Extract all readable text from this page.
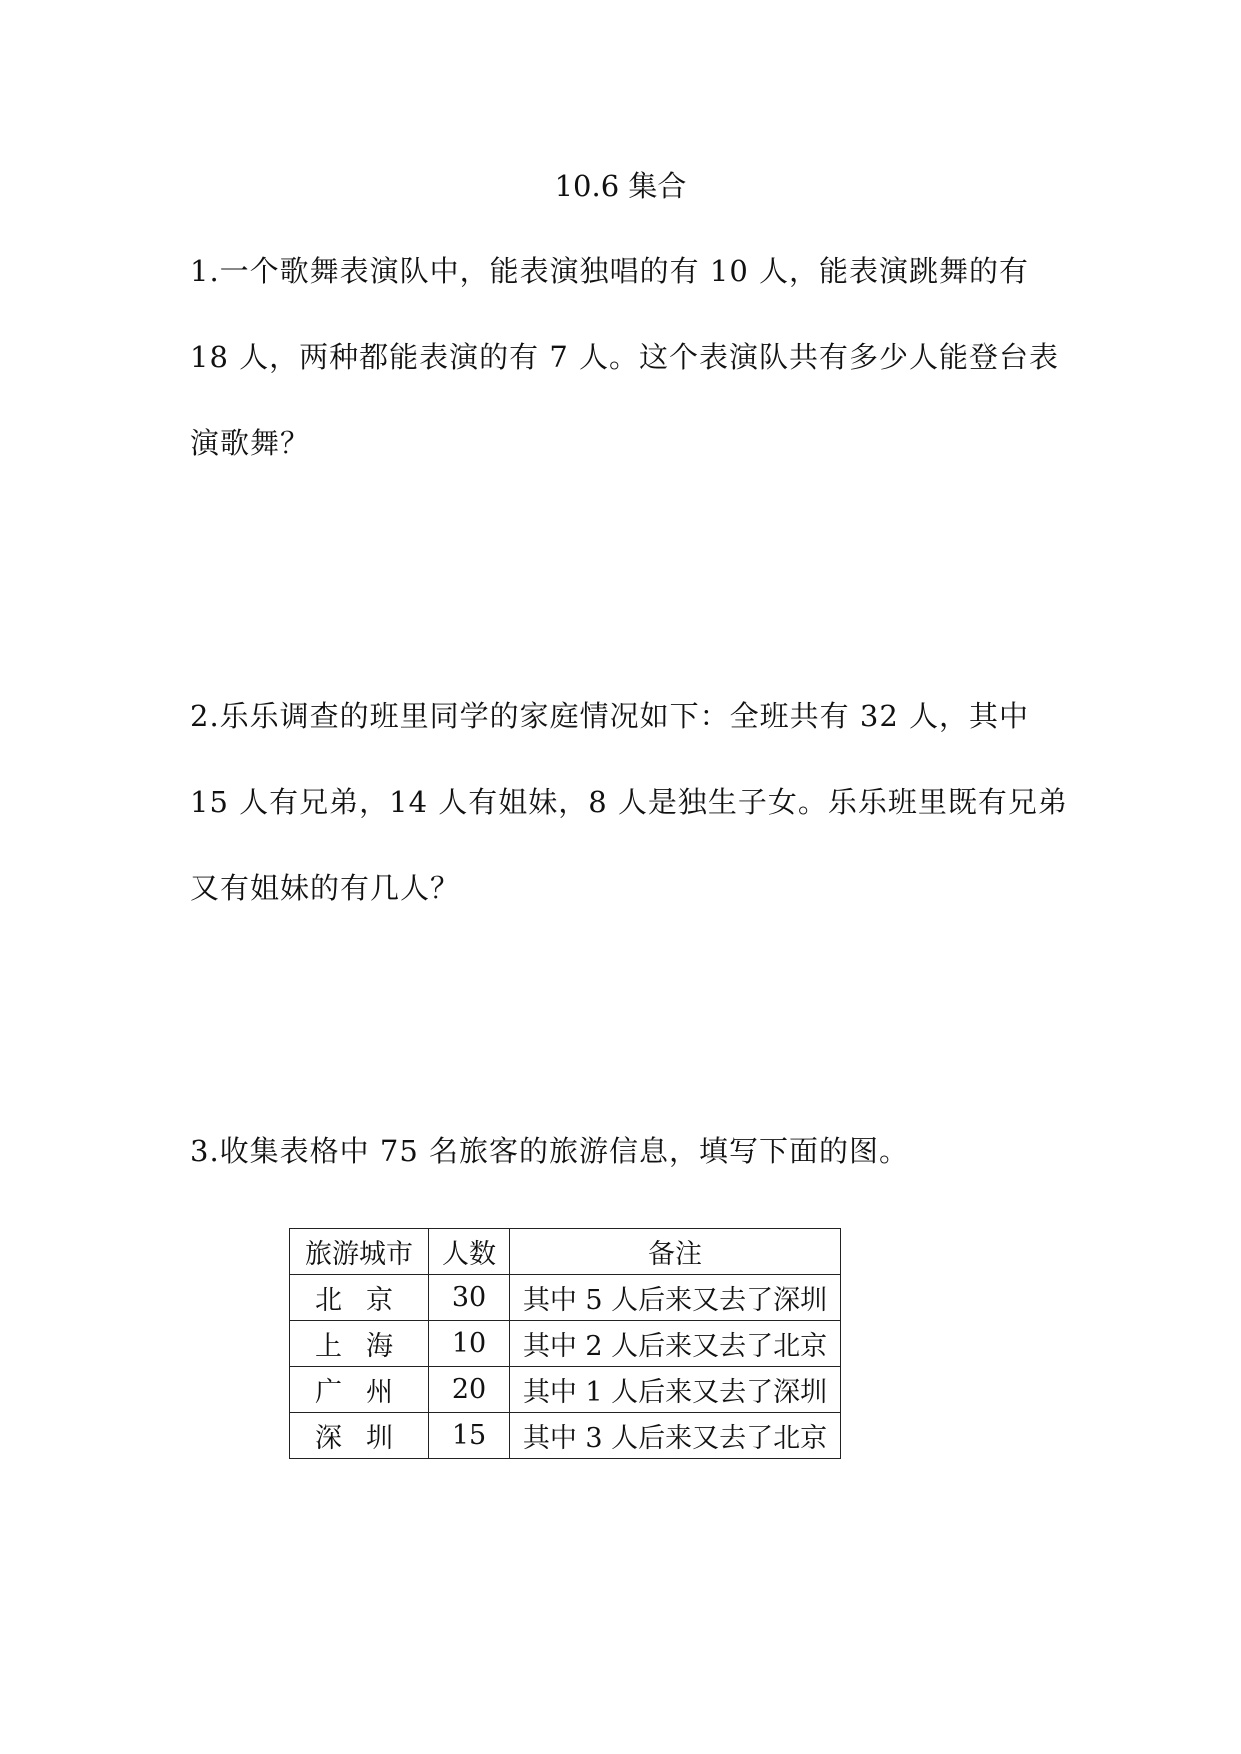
10.6 集合
1.一个歌舞表演队中，能表演独唱的有 10 人，能表演跳舞的有 18 人，两种都能表演的有 7 人。这个表演队共有多少人能登台表演歌舞？
2.乐乐调查的班里同学的家庭情况如下：全班共有 32 人，其中 15 人有兄弟，14 人有姐妹，8 人是独生子女。乐乐班里既有兄弟又有姐妹的有几人？
3.收集表格中 75 名旅客的旅游信息，填写下面的图。
旅游城市	人数	备注
北京	30	其中 5 人后来又去了深圳
上海	10	其中 2 人后来又去了北京
广州	20	其中 1 人后来又去了深圳
深圳	15	其中 3 人后来又去了北京
